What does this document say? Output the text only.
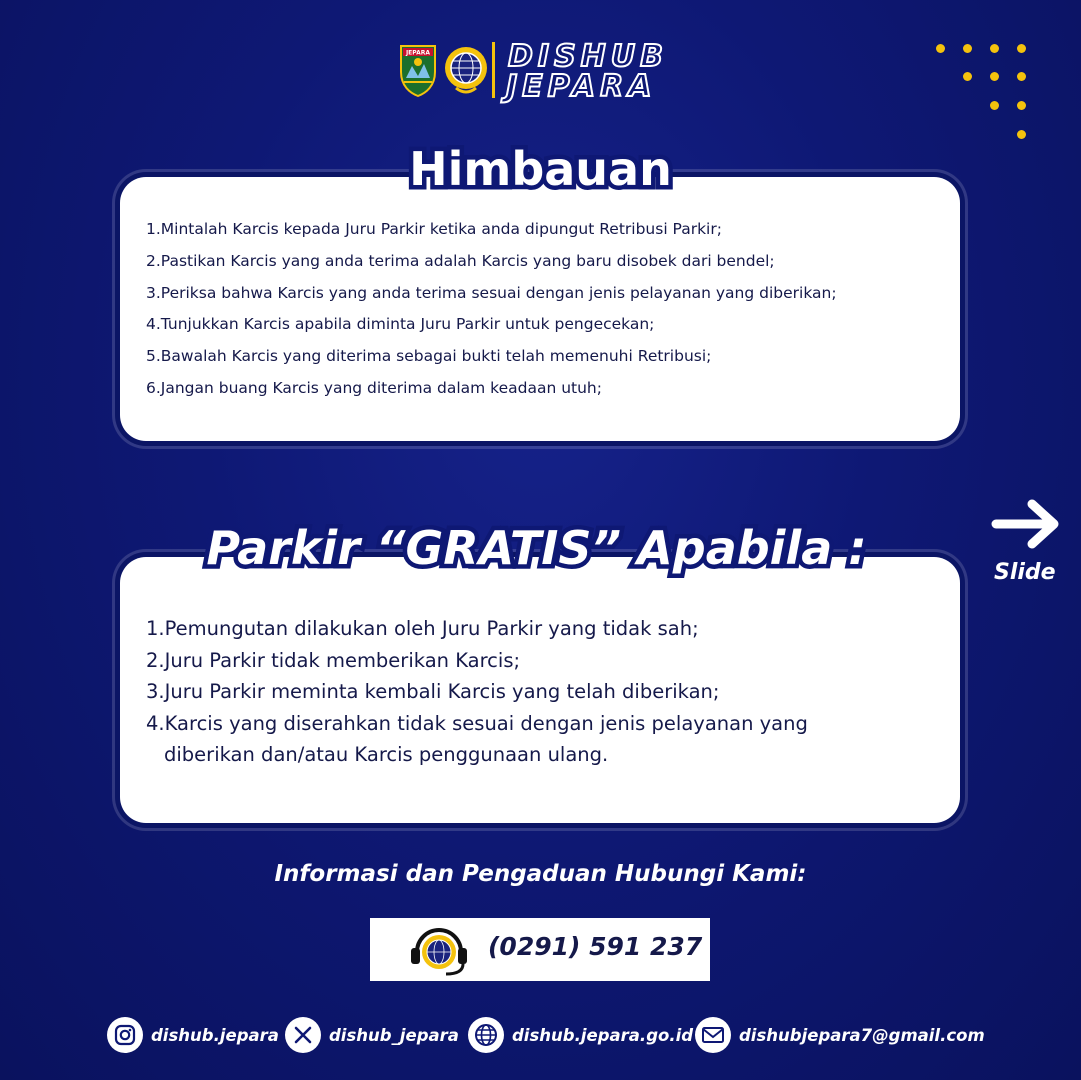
JEPARA	DISHUB
JEPARA
1.Mintalah Karcis kepada Juru Parkir ketika anda dipungut Retribusi Parkir;
2.Pastikan Karcis yang anda terima adalah Karcis yang baru disobek dari bendel;
3.Periksa bahwa Karcis yang anda terima sesuai dengan jenis pelayanan yang diberikan;
4.Tunjukkan Karcis apabila diminta Juru Parkir untuk pengecekan;
5.Bawalah Karcis yang diterima sebagai bukti telah memenuhi Retribusi;
6.Jangan buang Karcis yang diterima dalam keadaan utuh;
Himbauan
1.Pemungutan dilakukan oleh Juru Parkir yang tidak sah;
2.Juru Parkir tidak memberikan Karcis;
3.Juru Parkir meminta kembali Karcis yang telah diberikan;
4.Karcis yang diserahkan tidak sesuai dengan jenis pelayanan yang
diberikan dan/atau Karcis penggunaan ulang.
Parkir “GRATIS” Apabila :	Slide
Informasi dan Pengaduan Hubungi Kami:
(0291) 591 237
dishub.jepara	dishub_jepara	dishub.jepara.go.id	dishubjepara7@gmail.com
